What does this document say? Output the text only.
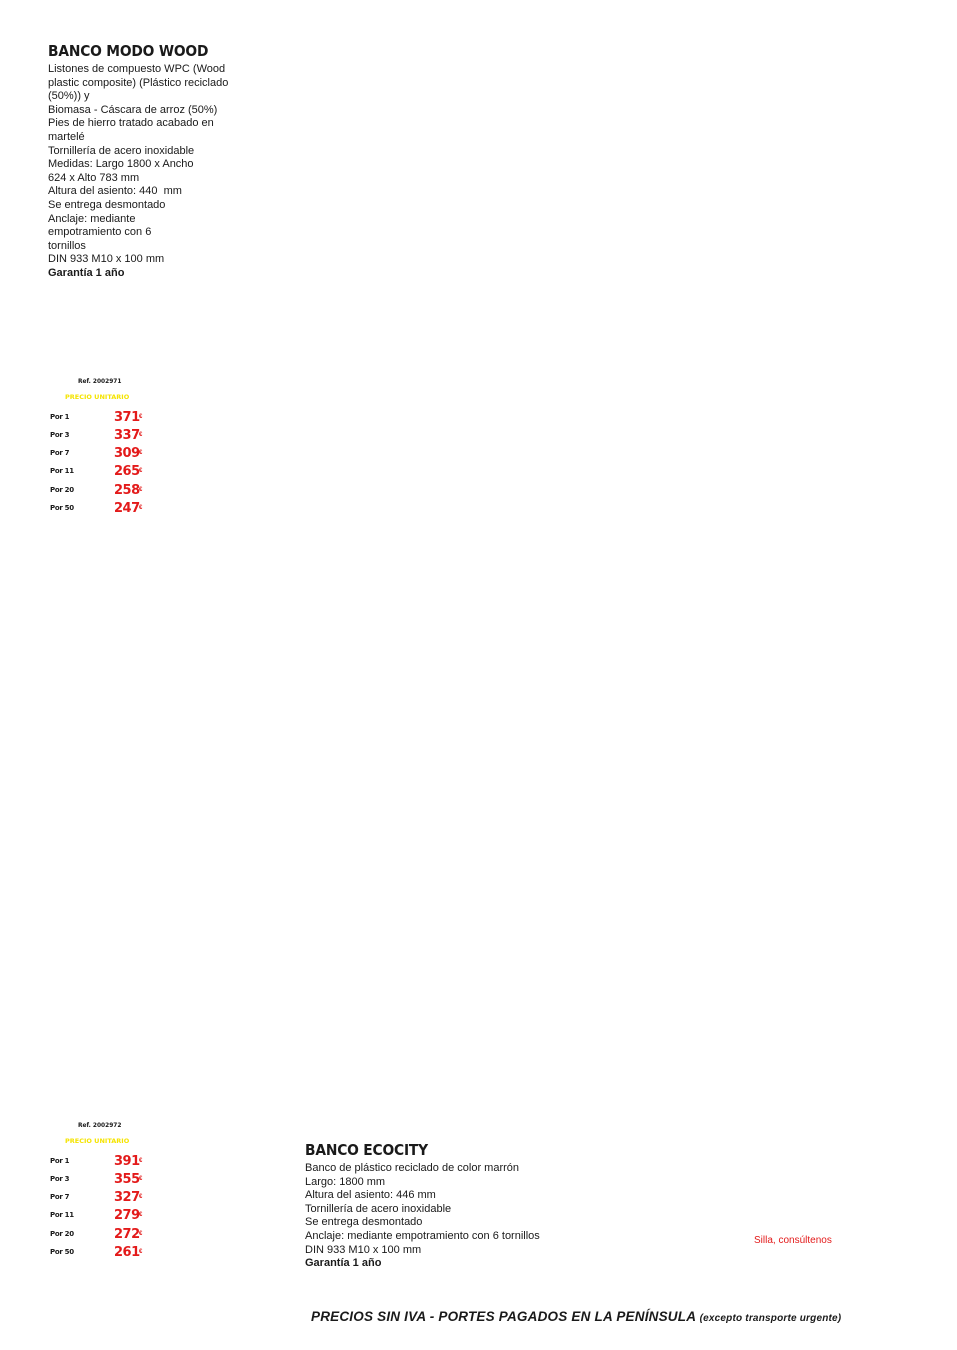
BANCO MODO WOOD
Listones de compuesto WPC (Wood
plastic composite) (Plástico reciclado
(50%)) y
Biomasa - Cáscara de arroz (50%)
Pies de hierro tratado acabado en
martelé
Tornillería de acero inoxidable
Medidas: Largo 1800 x Ancho
624 x Alto 783 mm
Altura del asiento: 440  mm
Se entrega desmontado
Anclaje: mediante
empotramiento con 6
tornillos
DIN 933 M10 x 100 mm
Garantía 1 año
Ref. 2002971
PRECIO UNITARIO
Por 1	371 €
Por 3	337 €
Por 7	309 €
Por 11	265 €
Por 20	258 €
Por 50	247 €
Ref. 2002972
PRECIO UNITARIO
Por 1	391 €
Por 3	355 €
Por 7	327 €
Por 11	279 €
Por 20	272 €
Por 50	261 €
BANCO ECOCITY
Banco de plástico reciclado de color marrón
Largo: 1800 mm
Altura del asiento: 446 mm
Tornillería de acero inoxidable
Se entrega desmontado
Anclaje: mediante empotramiento con 6 tornillos
DIN 933 M10 x 100 mm
Garantía 1 año
Silla, consúltenos
PRECIOS SIN IVA - PORTES PAGADOS EN LA PENÍNSULA (excepto transporte urgente)
